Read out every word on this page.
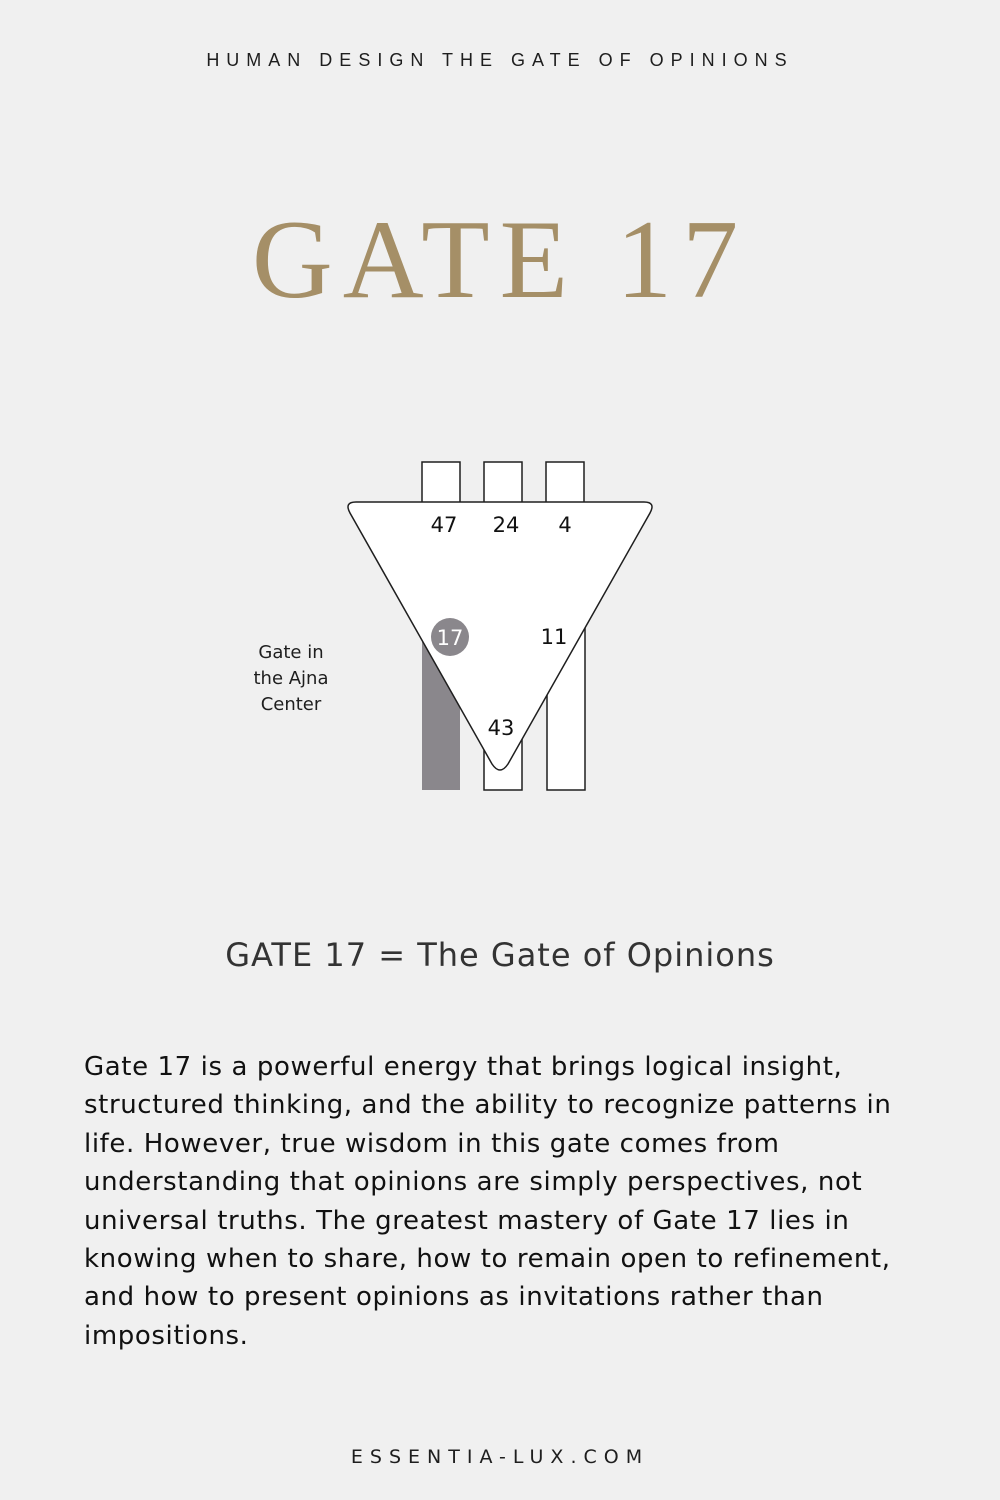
HUMAN DESIGN THE GATE OF OPINIONS
GATE 17
47 24 4
17	11
43
Gate in
the Ajna
Center
GATE 17 = The Gate of Opinions

Gate 17 is a powerful energy that brings logical insight, structured thinking, and the ability to recognize patterns in life. However, true wisdom in this gate comes from understanding that opinions are simply perspectives, not universal truths. The greatest mastery of Gate 17 lies in knowing when to share, how to remain open to refinement, and how to present opinions as invitations rather than impositions.

ESSENTIA-LUX.COM
